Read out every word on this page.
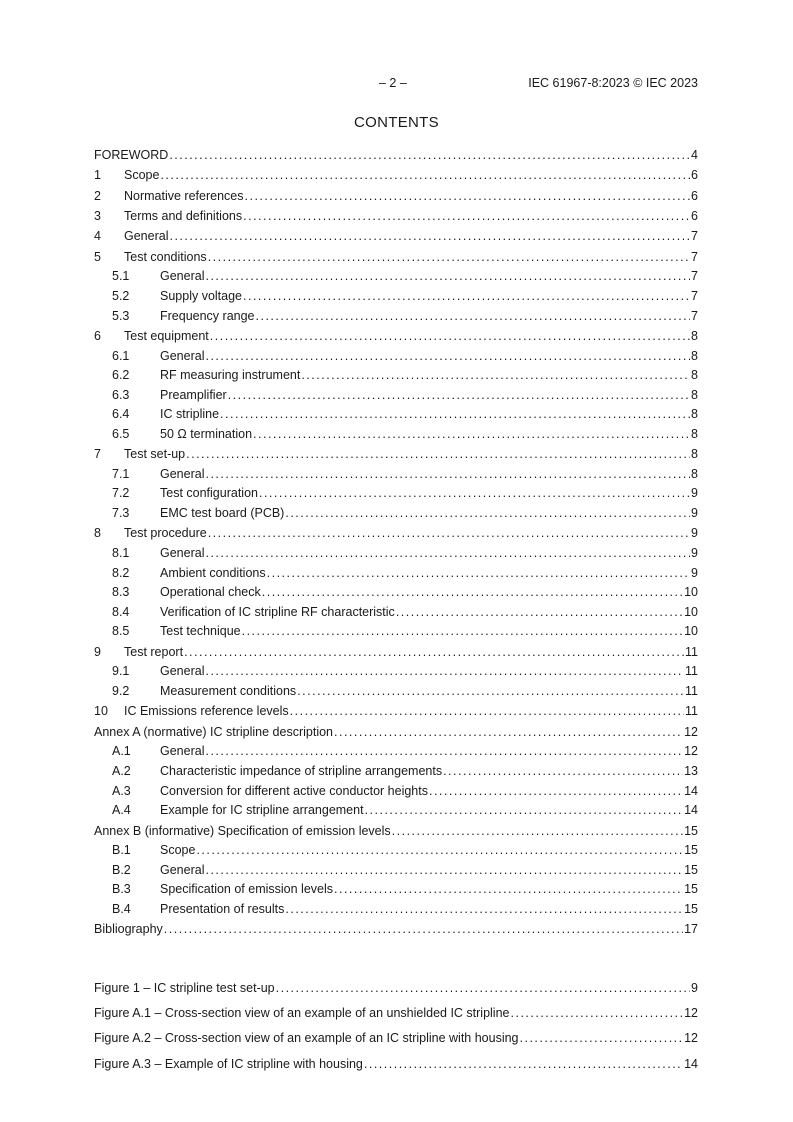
– 2 –	IEC 61967-8:2023 © IEC 2023
CONTENTS
FOREWORD .....	4
1	Scope .....	6
2	Normative references .....	6
3	Terms and definitions .....	6
4	General .....	7
5	Test conditions .....	7
5.1	General .....	7
5.2	Supply voltage .....	7
5.3	Frequency range .....	7
6	Test equipment .....	8
6.1	General .....	8
6.2	RF measuring instrument .....	8
6.3	Preamplifier .....	8
6.4	IC stripline .....	8
6.5	50 Ω termination .....	8
7	Test set-up .....	8
7.1	General .....	8
7.2	Test configuration .....	9
7.3	EMC test board (PCB) .....	9
8	Test procedure .....	9
8.1	General .....	9
8.2	Ambient conditions .....	9
8.3	Operational check .....	10
8.4	Verification of IC stripline RF characteristic .....	10
8.5	Test technique .....	10
9	Test report .....	11
9.1	General .....	11
9.2	Measurement conditions .....	11
10	IC Emissions reference levels .....	11
Annex A (normative) IC stripline description .....	12
A.1	General .....	12
A.2	Characteristic impedance of stripline arrangements .....	13
A.3	Conversion for different active conductor heights .....	14
A.4	Example for IC stripline arrangement .....	14
Annex B (informative) Specification of emission levels .....	15
B.1	Scope .....	15
B.2	General .....	15
B.3	Specification of emission levels .....	15
B.4	Presentation of results .....	15
Bibliography .....	17
Figure 1 – IC stripline test set-up .....	9
Figure A.1 – Cross-section view of an example of an unshielded IC stripline .....	12
Figure A.2 – Cross-section view of an example of an IC stripline with housing .....	12
Figure A.3 – Example of IC stripline with housing .....	14
